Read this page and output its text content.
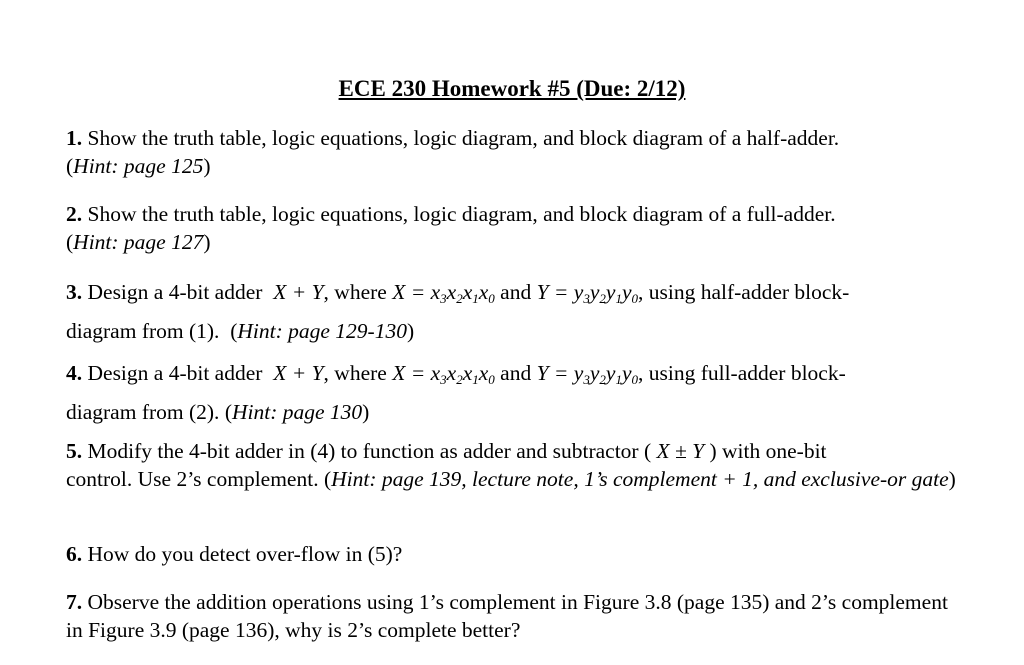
ECE 230 Homework #5 (Due: 2/12)
1. Show the truth table, logic equations, logic diagram, and block diagram of a half-adder.
(Hint: page 125)
2. Show the truth table, logic equations, logic diagram, and block diagram of a full-adder.
(Hint: page 127)
3. Design a 4-bit adder X + Y, where $X = x_3x_2x_1x_0$ and $Y = y_3y_2y_1y_0$, using half-adder block-
diagram from (1).  (Hint: page 129-130)
4. Design a 4-bit adder X + Y, where $X = x_3x_2x_1x_0$ and $Y = y_3y_2y_1y_0$, using full-adder block-
diagram from (2). (Hint: page 130)
5. Modify the 4-bit adder in (4) to function as adder and subtractor ( X ± Y ) with one-bit
control. Use 2’s complement. (Hint: page 139, lecture note, 1’s complement + 1, and exclusive-or gate)
6. How do you detect over-flow in (5)?
7. Observe the addition operations using 1’s complement in Figure 3.8 (page 135) and 2’s complement in Figure 3.9 (page 136), why is 2’s complete better?
